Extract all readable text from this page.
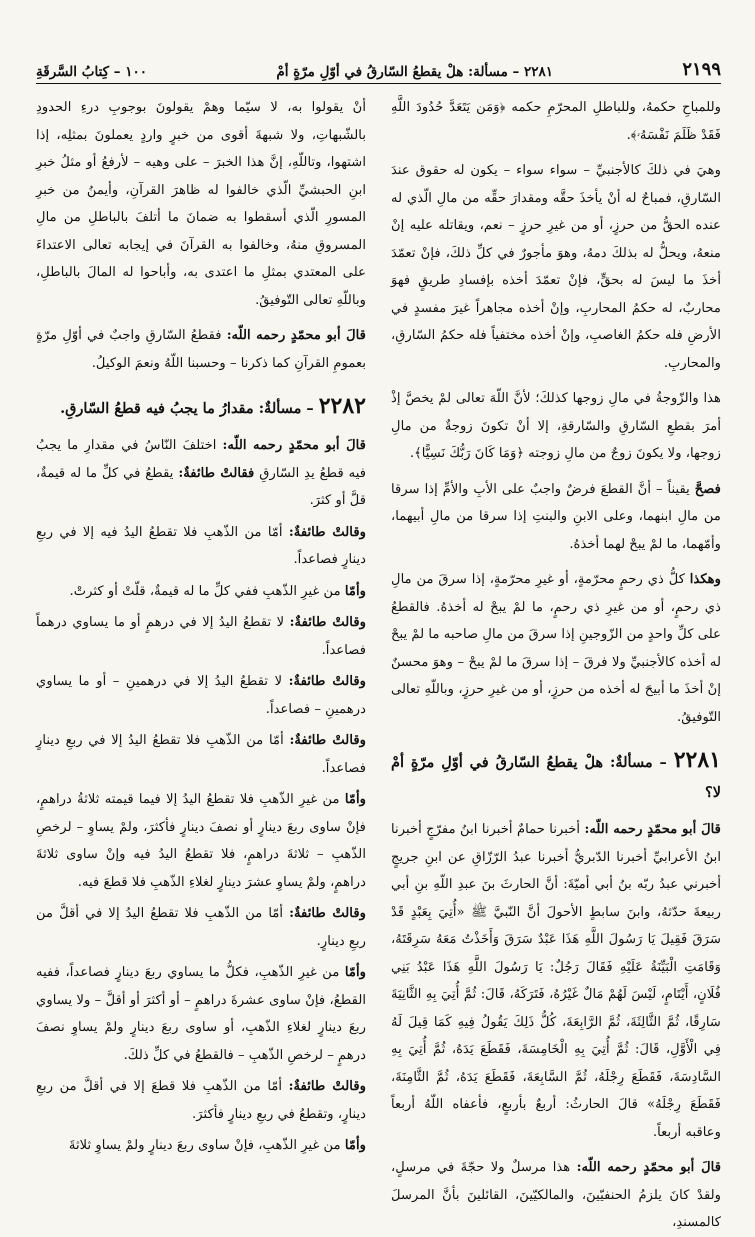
٢١٩٩
٢٢٨١ – مسألة: هلْ يقطعُ السّارقُ في أوّلِ مرّةٍ أمْ
١٠٠ – كِتابُ السَّرقَةِ

وللمباحِ حكمهُ، وللباطلِ المحرّمِ حكمه ﴿وَمَن يَتَعَدَّ حُدُودَ اللَّهِ فَقَدْ ظَلَمَ نَفْسَهُۥ﴾.

وهيَ في ذلكَ كالأجنبيِّ – سواء سواء – يكون له حقوق عندَ السّارقِ، فمباحٌ له أنْ يأخذَ حقَّه ومقدارَ حقِّه من مالِ الّذي له عنده الحقُّ من حرزٍ، أو من غيرِ حرزٍ – نعم، ويقاتله عليه إنْ منعهُ، ويحلُّ له بذلكَ دمهُ، وهوَ مأجورٌ في كلِّ ذلكَ، فإنْ تعمّدَ أخذَ ما ليسَ له بحقٍّ، فإنْ تعمّدَ أخذه بإفسادِ طريقٍ فهوَ محاربٌ، له حكمُ المحاربِ، وإنْ أخذه مجاهراً غيرَ مفسدٍ في الأرضِ فله حكمُ الغاصبِ، وإنْ أخذه مختفياً فله حكمُ السّارقِ، والمحاربِ.

هذا والزّوجةُ في مالِ زوجها كذلكَ؛ لأنَّ اللّهَ تعالى لمْ يخصَّ إذْ أمرَ بقطعِ السّارقِ والسّارقةِ، إلا أنْ تكونَ زوجةٌ من مالِ زوجها، ولا يكونَ زوجٌ من مالِ زوجته ﴿وَمَا كَانَ رَبُّكَ نَسِيًّا﴾.

فصحَّ يقيناً – أنَّ القطعَ فرضٌ واجبٌ على الأبِ والأمِّ إذا سرقا من مالِ ابنهما، وعلى الابنِ والبنتِ إذا سرقا من مالِ أبيهما، وأمّهما، ما لمْ يبحْ لهما أخذهُ.

وهكذا كلُّ ذي رحمٍ محرّمةٍ، أو غيرِ محرّمةٍ، إذا سرقَ من مالِ ذي رحمٍ، أو من غيرِ ذي رحمٍ، ما لمْ يبحْ له أخذهُ. فالقطعُ على كلِّ واحدٍ من الزّوجينِ إذا سرقَ من مالِ صاحبه ما لمْ يبحْ له أخذه كالأجنبيِّ ولا فرقَ – إذا سرقَ ما لمْ يبحْ – وهوَ محسنٌ إنْ أخذَ ما أبيحَ له أخذه من حرزٍ، أو من غيرِ حرزٍ، وباللّهِ تعالى التّوفيقُ.

٢٢٨١ – مسألةٌ: هلْ يقطعُ السّارقُ في أوّلِ مرّةٍ أمْ لا؟

قالَ أبو محمّدٍ رحمه اللّه: أخبرنا حمامٌ أخبرنا ابنُ مفرّجٍ أخبرنا ابنُ الأعرابيِّ أخبرنا الدّبريُّ أخبرنا عبدُ الرّزّاقِ عن ابنِ جريجٍ أخبرني عبدُ ربّه بنُ أبي أميّةَ: أنَّ الحارثَ بنَ عبدِ اللّهِ بنِ أبي ربيعةَ حدّثهُ، وابنَ سابطٍ الأحولَ أنَّ النّبيَّ ﷺ «أُتِيَ بِعَبْدٍ قَدْ سَرَقَ فَقِيلَ يَا رَسُولَ اللَّهِ هَذَا عَبْدٌ سَرَقَ وَأَخَذْتُ مَعَهُ سَرِقَتَهُ، وَقَامَتِ الْبَيِّنَةُ عَلَيْهِ فَقَالَ رَجُلٌ: يَا رَسُولَ اللَّهِ هَذَا عَبْدُ بَنِي فُلَانٍ، أَيْتَامٍ، لَيْسَ لَهُمْ مَالٌ غَيْرُهُ، فَتَرَكَهُ، قَالَ: ثُمَّ أُتِيَ بِهِ الثَّانِيَةَ سَارِقًا، ثُمَّ الثَّالِثَةَ، ثُمَّ الرَّابِعَةَ، كُلُّ ذَلِكَ يَقُولُ فِيهِ كَمَا قِيلَ لَهُ فِي الْأَوَّلِ، قَالَ: ثُمَّ أُتِيَ بِهِ الْخَامِسَةَ، فَقَطَعَ يَدَهُ، ثُمَّ أُتِيَ بِهِ السَّادِسَةَ، فَقَطَعَ رِجْلَهُ، ثُمَّ السَّابِعَةَ، فَقَطَعَ يَدَهُ، ثُمَّ الثَّامِنَةَ، فَقَطَعَ رِجْلَهُ» قالَ الحارثُ: أربعٌ بأربعٍ، فأعفاه اللّهُ أربعاً وعاقبه أربعاً.

قالَ أبو محمّدٍ رحمه اللّه: هذا مرسلٌ ولا حجّةَ في مرسلٍ، ولقدْ كانَ يلزمُ الحنفيّينَ، والمالكيّينَ، القائلينَ بأنَّ المرسلَ كالمسندِ،

أنْ يقولوا به، لا سيّما وهمْ يقولونَ بوجوبِ درءِ الحدودِ بالشّبهاتِ، ولا شبهةَ أقوى من خبرٍ واردٍ يعملونَ بمثلِه، إذا اشتهوا، وتاللّهِ، إنَّ هذا الخبرَ – على وهيه – لأرفعُ أو مثلُ خبرِ ابنِ الحبشيِّ الّذي خالفوا له ظاهرَ القرآنِ، وأيمنُ من خبرِ المسورِ الّذي أسقطوا به ضمانَ ما أتلفَ بالباطلِ من مالِ المسروقِ منهُ، وخالفوا به القرآنَ في إيجابه تعالى الاعتداءَ على المعتدي بمثلِ ما اعتدى به، وأباحوا له المالَ بالباطلِ، وباللّهِ تعالى التّوفيقُ.

قالَ أبو محمّدٍ رحمه اللّه: فقطعُ السّارقِ واجبٌ في أوّلِ مرّةٍ بعمومِ القرآنِ كما ذكرنا – وحسبنا اللّهُ ونعمَ الوكيلُ.

٢٢٨٢ – مسألةٌ: مقدارُ ما يجبُ فيه قطعُ السّارقِ.

قالَ أبو محمّدٍ رحمه اللّه: اختلفَ النّاسُ في مقدارِ ما يجبُ فيه قطعُ يدِ السّارقِ فقالتْ طائفةٌ: يقطعُ في كلِّ ما له قيمةٌ، قلَّ أو كثرَ.

وقالتْ طائفةٌ: أمّا من الذّهبِ فلا تقطعُ اليدُ فيه إلا في ربعِ دينارٍ فصاعداً.

وأمّا من غيرِ الذّهبِ ففي كلِّ ما له قيمةٌ، قلّتْ أو كثرتْ.

وقالتْ طائفةٌ: لا تقطعُ اليدُ إلا في درهمٍ أو ما يساوي درهماً فصاعداً.

وقالتْ طائفةٌ: لا تقطعُ اليدُ إلا في درهمينِ – أو ما يساوي درهمينِ – فصاعداً.

وقالتْ طائفةٌ: أمّا من الذّهبِ فلا تقطعُ اليدُ إلا في ربعِ دينارٍ فصاعداً.

وأمّا من غيرِ الذّهبِ فلا تقطعُ اليدُ إلا فيما قيمته ثلاثةُ دراهمٍ، فإنْ ساوى ربعَ دينارٍ أو نصفَ دينارٍ فأكثرَ، ولمْ يساوِ – لرخصِ الذّهبِ – ثلاثةَ دراهمٍ، فلا تقطعُ اليدُ فيه وإنْ ساوى ثلاثةَ دراهمٍ، ولمْ يساوِ عشرَ دينارٍ لغلاءِ الذّهبِ فلا قطعَ فيه.

وقالتْ طائفةٌ: أمّا من الذّهبِ فلا تقطعُ اليدُ إلا في أقلَّ من ربعِ دينارٍ.

وأمّا من غيرِ الذّهبِ، فكلُّ ما يساوي ربعَ دينارٍ فصاعداً، ففيه القطعُ، فإنْ ساوى عشرةَ دراهمٍ – أو أكثرَ أو أقلَّ – ولا يساوي ربعَ دينارٍ لغلاءِ الذّهبِ، أو ساوى ربعَ دينارٍ ولمْ يساوِ نصفَ درهمٍ – لرخصِ الذّهبِ – فالقطعُ في كلِّ ذلكَ.

وقالتْ طائفةٌ: أمّا من الذّهبِ فلا قطعَ إلا في أقلَّ من ربعِ دينارٍ، وتقطعُ في ربعِ دينارٍ فأكثرَ.

وأمّا من غيرِ الذّهبِ، فإنْ ساوى ربعَ دينارٍ ولمْ يساوِ ثلاثةَ
